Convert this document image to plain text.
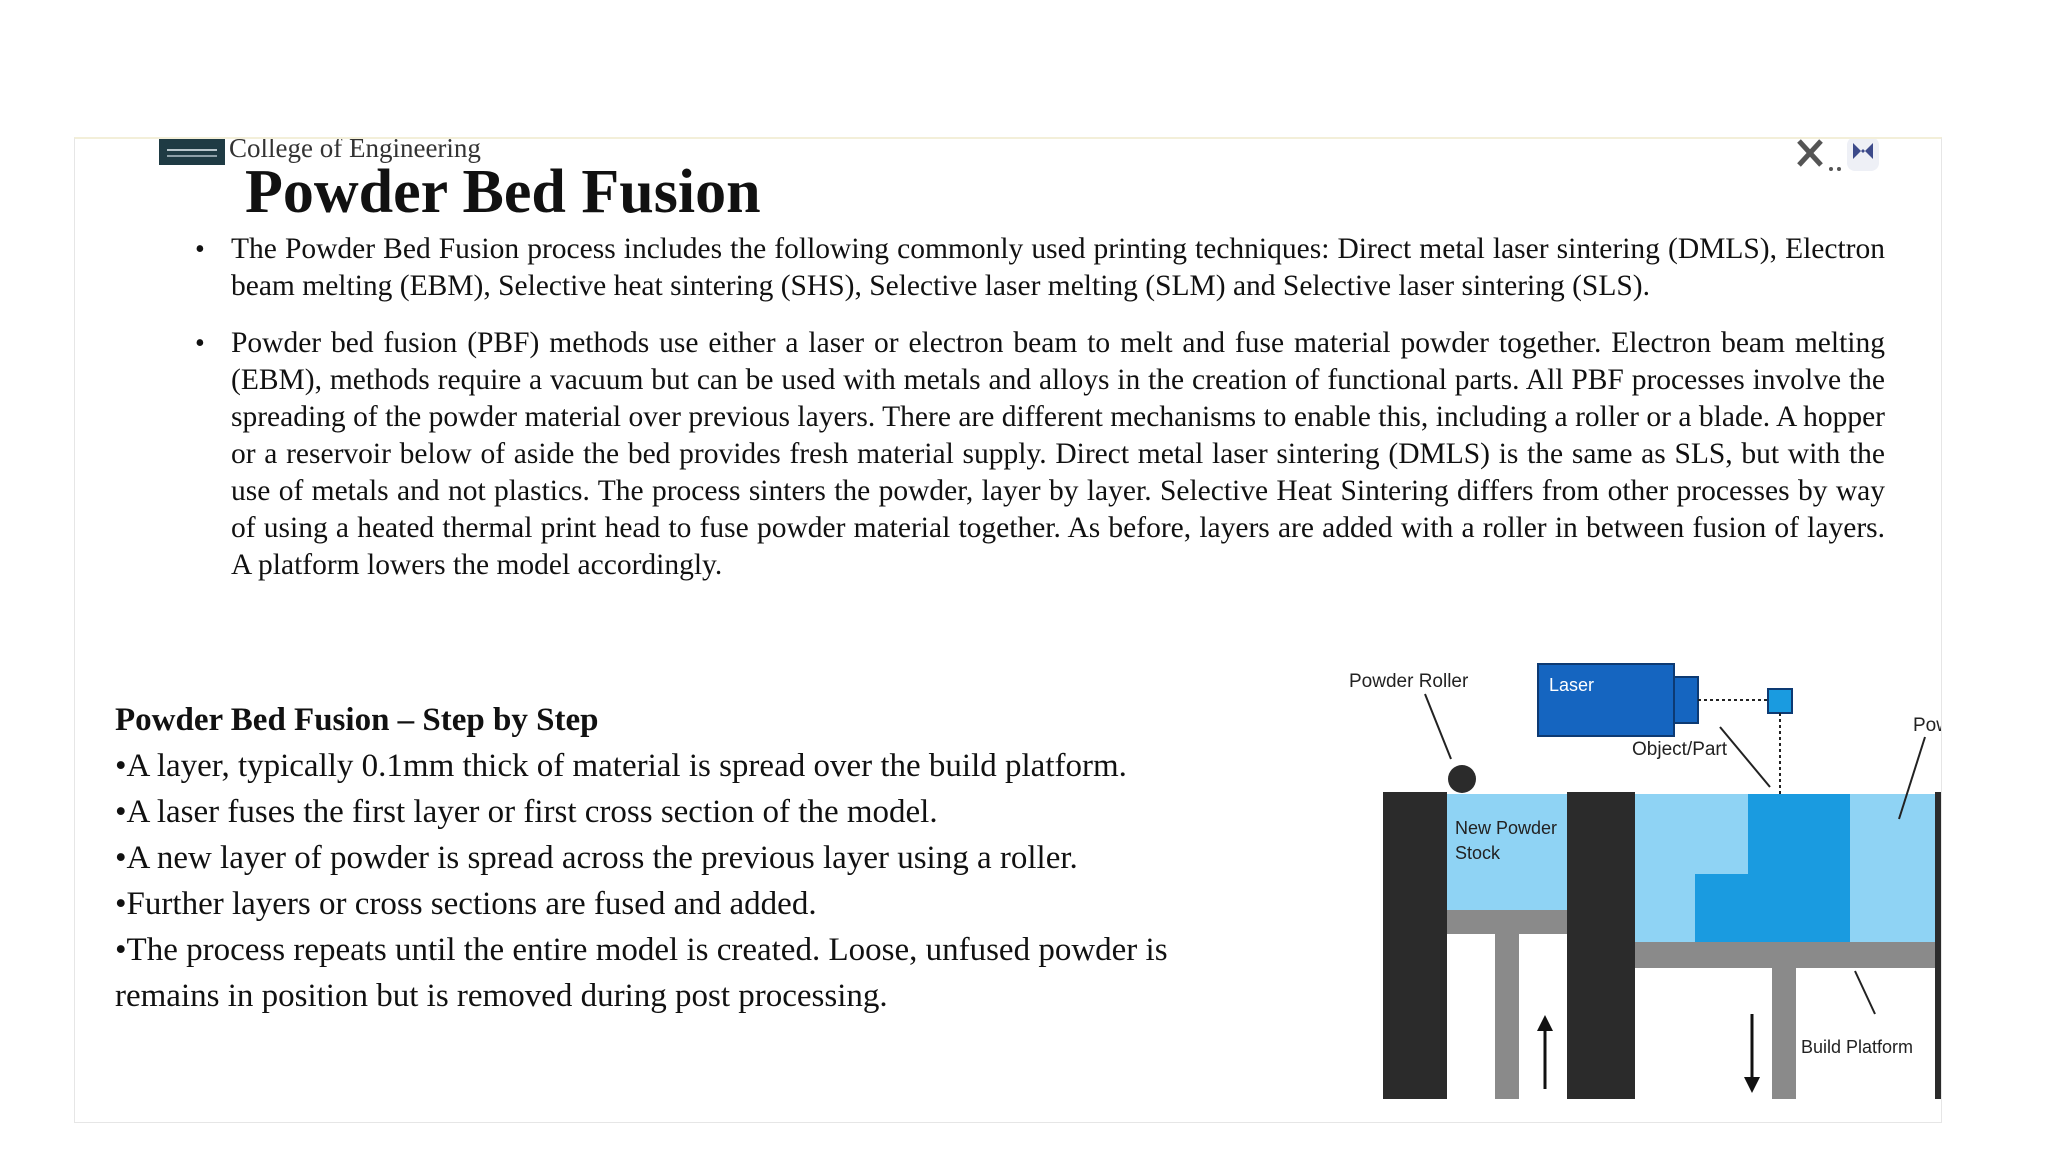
College of Engineering
Powder Bed Fusion
• The Powder Bed Fusion process includes the following commonly used printing techniques: Direct metal laser sintering (DMLS), Electron beam melting (EBM), Selective heat sintering (SHS), Selective laser melting (SLM) and Selective laser sintering (SLS).
• Powder bed fusion (PBF) methods use either a laser or electron beam to melt and fuse material powder together. Electron beam melting (EBM), methods require a vacuum but can be used with metals and alloys in the creation of functional parts. All PBF processes involve the spreading of the powder material over previous layers. There are different mechanisms to enable this, including a roller or a blade. A hopper or a reservoir below of aside the bed provides fresh material supply. Direct metal laser sintering (DMLS) is the same as SLS, but with the use of metals and not plastics. The process sinters the powder, layer by layer. Selective Heat Sintering differs from other processes by way of using a heated thermal print head to fuse powder material together. As before, layers are added with a roller in between fusion of layers. A platform lowers the model accordingly.
Powder Bed Fusion – Step by Step
•A layer, typically 0.1mm thick of material is spread over the build platform.
•A laser fuses the first layer or first cross section of the model.
•A new layer of powder is spread across the previous layer using a roller.
•Further layers or cross sections are fused and added.
•The process repeats until the entire model is created. Loose, unfused powder is remains in position but is removed during post processing.
Powder Roller	Laser
Object/Part
Powder Bed
New Powder
Stock
Build Platform
